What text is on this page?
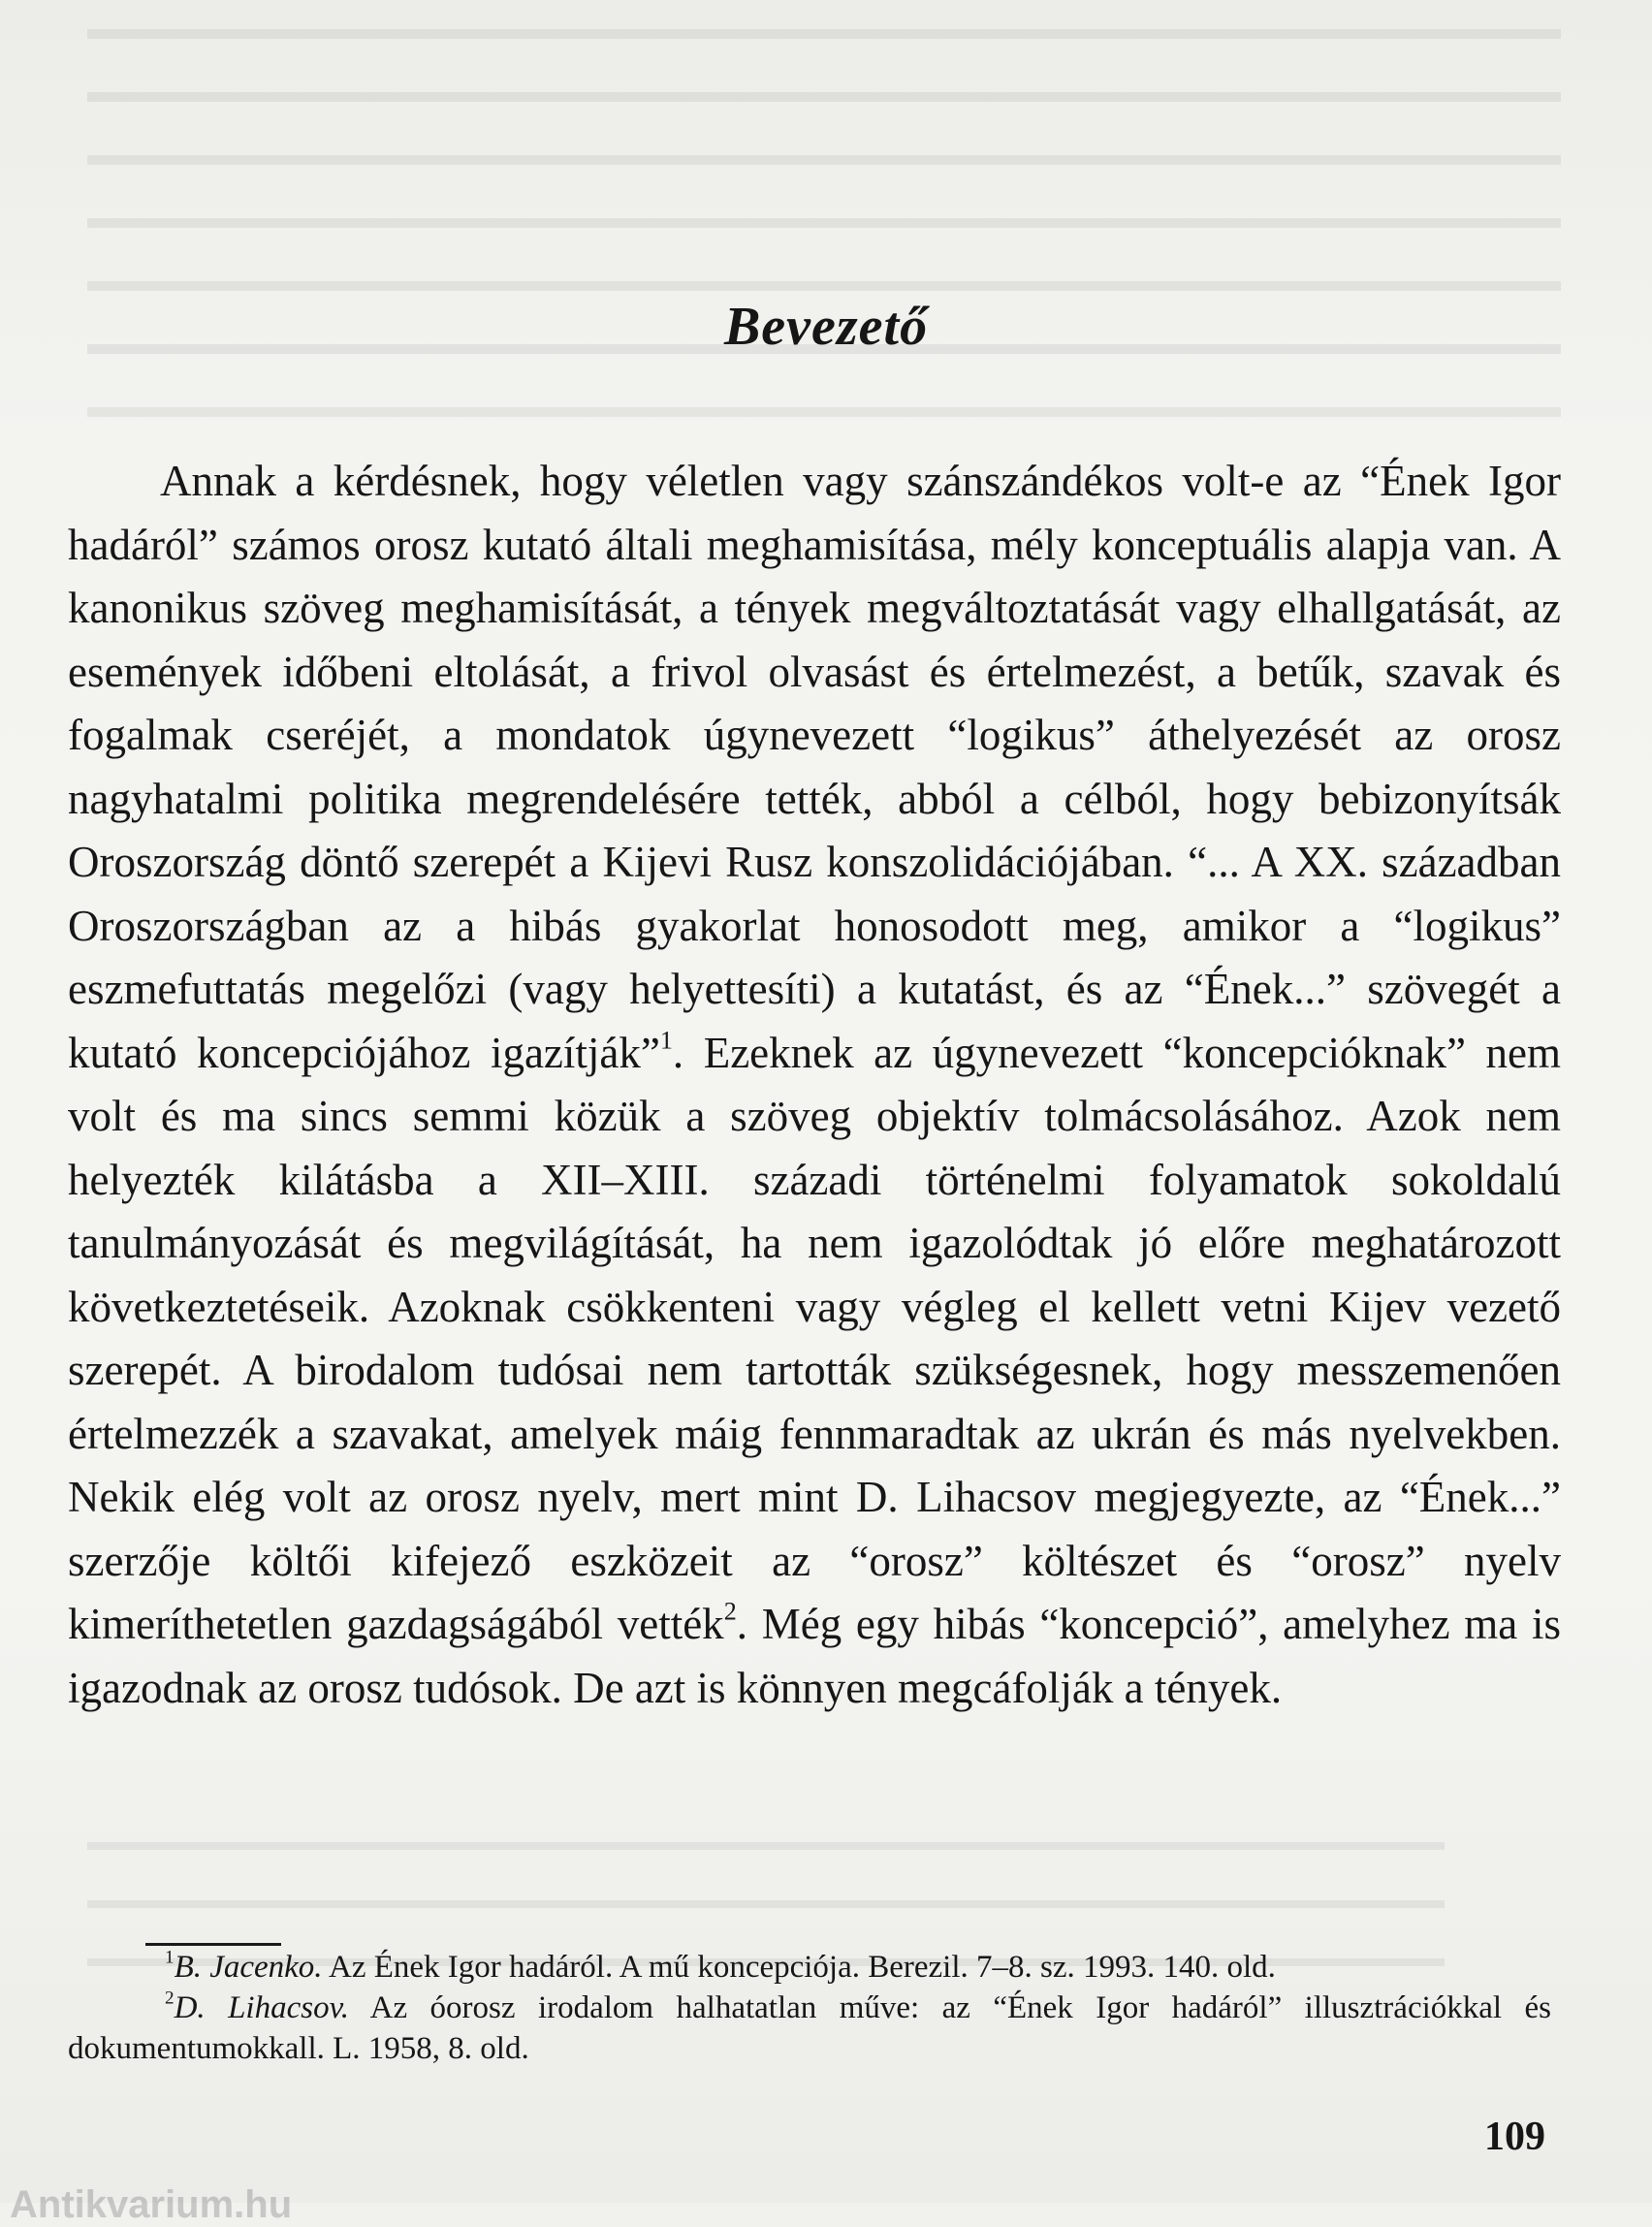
Bevezető

Annak a kérdésnek, hogy véletlen vagy szánszándékos volt-e az “Ének Igor hadáról” számos orosz kutató általi meghamisítása, mély konceptuális alapja van. A kanonikus szöveg meghamisítását, a tények megváltoztatását vagy elhallgatását, az események időbeni eltolását, a frivol olvasást és értelmezést, a betűk, szavak és fogalmak cseréjét, a mondatok úgynevezett “logikus” áthelyezését az orosz nagyhatalmi politika megrendelésére tették, abból a célból, hogy bebizonyítsák Oroszország döntő szerepét a Kijevi Rusz konszolidációjában. “... A XX. században Oroszországban az a hibás gyakorlat honosodott meg, amikor a “logikus” eszmefuttatás megelőzi (vagy helyettesíti) a kutatást, és az “Ének...” szövegét a kutató koncepciójához igazítják”$^1$. Ezeknek az úgynevezett “koncepcióknak” nem volt és ma sincs semmi közük a szöveg objektív tolmácsolásához. Azok nem helyezték kilátásba a XII–XIII. századi történelmi folyamatok sokoldalú tanulmányozását és megvilágítását, ha nem igazolódtak jó előre meghatározott következtetéseik. Azoknak csökkenteni vagy végleg el kellett vetni Kijev vezető szerepét. A birodalom tudósai nem tartották szükségesnek, hogy messzemenően értelmezzék a szavakat, amelyek máig fennmaradtak az ukrán és más nyelvekben. Nekik elég volt az orosz nyelv, mert mint D. Lihacsov megjegyezte, az “Ének...” szerzője költői kifejező eszközeit az “orosz” költészet és “orosz” nyelv kimeríthetetlen gazdagságából vették$^2$. Még egy hibás “koncepció”, amelyhez ma is igazodnak az orosz tudósok. De azt is könnyen megcáfolják a tények.

$^1$B. Jacenko. Az Ének Igor hadáról. A mű koncepciója. Berezil. 7–8. sz. 1993. 140. old.

$^2$D. Lihacsov. Az óorosz irodalom halhatatlan műve: az “Ének Igor hadáról” illusztrációkkal és dokumentumokkall. L. 1958, 8. old.

109

Antikvarium.hu
